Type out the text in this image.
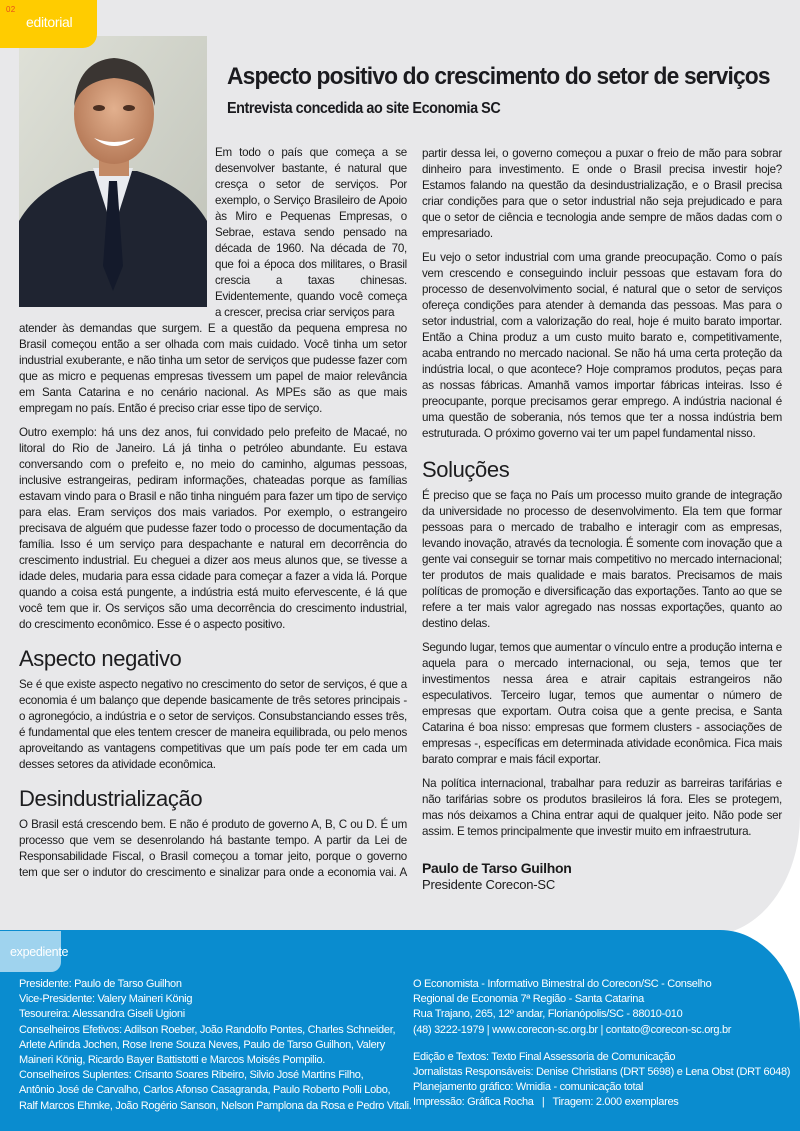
02
editorial
Aspecto positivo do crescimento do setor de serviços
Entrevista concedida ao site Economia SC

Em todo o país que começa a se desenvolver bastante, é natural que cresça o setor de serviços. Por exemplo, o Serviço Brasileiro de Apoio às Miro e Pequenas Empresas, o Sebrae, estava sendo pensado na década de 1960. Na década de 70, que foi a época dos militares, o Brasil crescia a taxas chinesas. Evidentemente, quando você começa a crescer, precisa criar serviços para

atender às demandas que surgem. E a questão da pequena empresa no Brasil começou então a ser olhada com mais cuidado. Você tinha um setor industrial exuberante, e não tinha um setor de serviços que pudesse fazer com que as micro e pequenas empresas tivessem um papel de maior relevância em Santa Catarina e no cenário nacional. As MPEs são as que mais empregam no país. Então é preciso criar esse tipo de serviço.

Outro exemplo: há uns dez anos, fui convidado pelo prefeito de Macaé, no litoral do Rio de Janeiro. Lá já tinha o petróleo abundante. Eu estava conversando com o prefeito e, no meio do caminho, algumas pessoas, inclusive estrangeiras, pediram informações, chateadas porque as famílias estavam vindo para o Brasil e não tinha ninguém para fazer um tipo de serviço para elas. Eram serviços dos mais variados. Por exemplo, o estrangeiro precisava de alguém que pudesse fazer todo o processo de documentação da família. Isso é um serviço para despachante e natural em decorrência do crescimento industrial. Eu cheguei a dizer aos meus alunos que, se tivesse a idade deles, mudaria para essa cidade para começar a fazer a vida lá. Porque quando a coisa está pungente, a indústria está muito efervescente, é lá que você tem que ir. Os serviços são uma decorrência do crescimento industrial, do crescimento econômico. Esse é o aspecto positivo.

Aspecto negativo

Se é que existe aspecto negativo no crescimento do setor de serviços, é que a economia é um balanço que depende basicamente de três setores principais - o agronegócio, a indústria e o setor de serviços. Consubstanciando esses três, é fundamental que eles tentem crescer de maneira equilibrada, ou pelo menos aproveitando as vantagens competitivas que um país pode ter em cada um desses setores da atividade econômica.

Desindustrialização

O Brasil está crescendo bem. E não é produto de governo A, B, C ou D. É um processo que vem se desenrolando há bastante tempo. A partir da Lei de Responsabilidade Fiscal, o Brasil começou a tomar jeito, porque o governo tem que ser o indutor do crescimento e sinalizar para onde a economia vai. A

partir dessa lei, o governo começou a puxar o freio de mão para sobrar dinheiro para investimento. E onde o Brasil precisa investir hoje? Estamos falando na questão da desindustrialização, e o Brasil precisa criar condições para que o setor industrial não seja prejudicado e para que o setor de ciência e tecnologia ande sempre de mãos dadas com o empresariado.

Eu vejo o setor industrial com uma grande preocupação. Como o país vem crescendo e conseguindo incluir pessoas que estavam fora do processo de desenvolvimento social, é natural que o setor de serviços ofereça condições para atender à demanda das pessoas. Mas para o setor industrial, com a valorização do real, hoje é muito barato importar. Então a China produz a um custo muito barato e, competitivamente, acaba entrando no mercado nacional. Se não há uma certa proteção da indústria local, o que acontece? Hoje compramos produtos, peças para as nossas fábricas. Amanhã vamos importar fábricas inteiras. Isso é preocupante, porque precisamos gerar emprego. A indústria nacional é uma questão de soberania, nós temos que ter a nossa indústria bem estruturada. O próximo governo vai ter um papel fundamental nisso.

Soluções

É preciso que se faça no País um processo muito grande de integração da universidade no processo de desenvolvimento. Ela tem que formar pessoas para o mercado de trabalho e interagir com as empresas, levando inovação, através da tecnologia. É somente com inovação que a gente vai conseguir se tornar mais competitivo no mercado internacional; ter produtos de mais qualidade e mais baratos. Precisamos de mais políticas de promoção e diversificação das exportações. Tanto ao que se refere a ter mais valor agregado nas nossas exportações, quanto ao destino delas.

Segundo lugar, temos que aumentar o vínculo entre a produção interna e aquela para o mercado internacional, ou seja, temos que ter investimentos nessa área e atrair capitais estrangeiros não especulativos. Terceiro lugar, temos que aumentar o número de empresas que exportam. Outra coisa que a gente precisa, e Santa Catarina é boa nisso: empresas que formem clusters - associações de empresas -, específicas em determinada atividade econômica. Fica mais barato comprar e mais fácil exportar.

Na política internacional, trabalhar para reduzir as barreiras tarifárias e não tarifárias sobre os produtos brasileiros lá fora. Eles se protegem, mas nós deixamos a China entrar aqui de qualquer jeito. Não pode ser assim. E temos principalmente que investir muito em infraestrutura.

Paulo de Tarso Guilhon
Presidente Corecon-SC
expediente
Presidente: Paulo de Tarso Guilhon
Vice-Presidente: Valery Maineri König
Tesoureira: Alessandra Giseli Ugioni
Conselheiros Efetivos: Adilson Roeber, João Randolfo Pontes, Charles Schneider,
Arlete Arlinda Jochen, Rose Irene Souza Neves, Paulo de Tarso Guilhon, Valery
Maineri König, Ricardo Bayer Battistotti e Marcos Moisés Pompilio.
Conselheiros Suplentes: Crisanto Soares Ribeiro, Silvio José Martins Filho,
Antônio José de Carvalho, Carlos Afonso Casagranda, Paulo Roberto Polli Lobo,
Ralf Marcos Ehmke, João Rogério Sanson, Nelson Pamplona da Rosa e Pedro Vitali.
O Economista - Informativo Bimestral do Corecon/SC - Conselho
Regional de Economia 7ª Região - Santa Catarina
Rua Trajano, 265, 12º andar, Florianópolis/SC - 88010-010
(48) 3222-1979 | www.corecon-sc.org.br | contato@corecon-sc.org.br
Edição e Textos: Texto Final Assessoria de Comunicação
Jornalistas Responsáveis: Denise Christians (DRT 5698) e Lena Obst (DRT 6048)
Planejamento gráfico: Wmidia - comunicação total
Impressão: Gráfica Rocha | Tiragem: 2.000 exemplares
